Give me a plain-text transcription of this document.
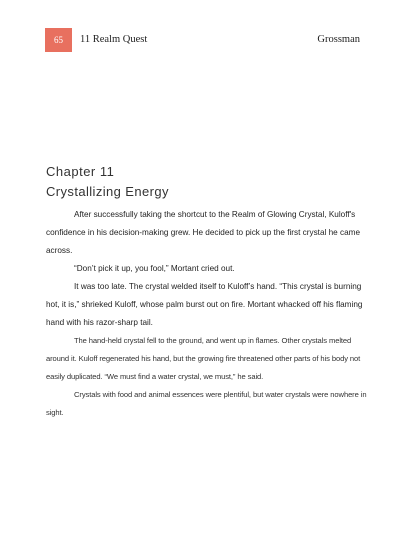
65	11 Realm Quest	Grossman
Chapter 11
Crystallizing Energy

After successfully taking the shortcut to the Realm of Glowing Crystal, Kuloff's confidence in his decision-making grew. He decided to pick up the first crystal he came across.

“Don’t pick it up, you fool,” Mortant cried out.

It was too late. The crystal welded itself to Kuloff’s hand. “This crystal is burning hot, it is,” shrieked Kuloff, whose palm burst out on fire. Mortant whacked off his flaming hand with his razor-sharp tail.

The hand-held crystal fell to the ground, and went up in flames. Other crystals melted around it. Kuloff regenerated his hand, but the growing fire threatened other parts of his body not easily duplicated. “We must find a water crystal, we must,” he said.

Crystals with food and animal essences were plentiful, but water crystals were nowhere in sight.
